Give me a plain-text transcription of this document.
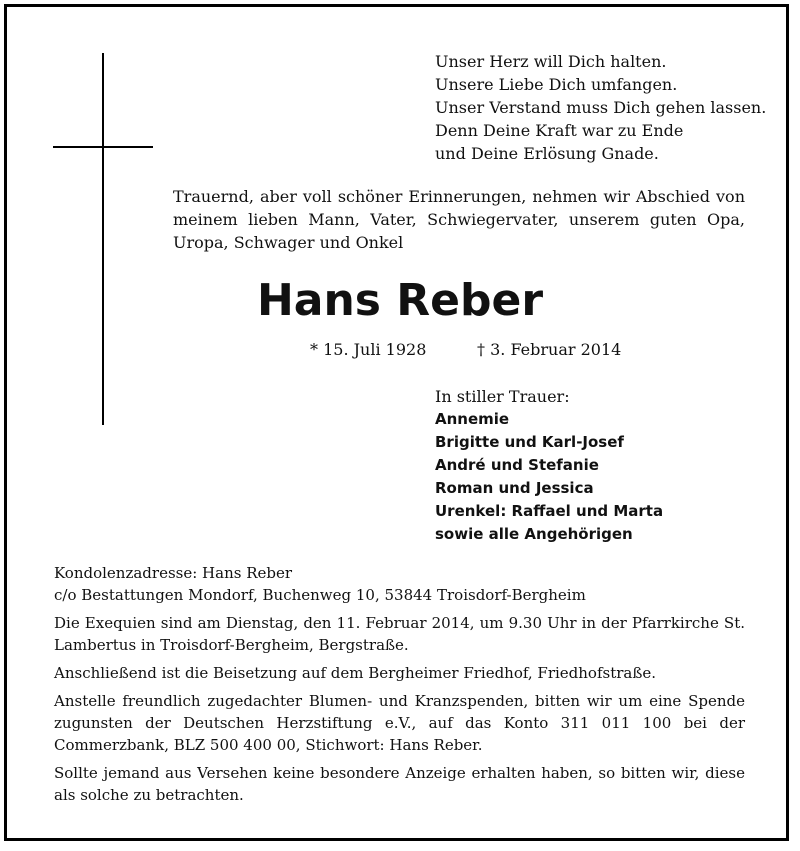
Unser Herz will Dich halten.
Unsere Liebe Dich umfangen.
Unser Verstand muss Dich gehen lassen.
Denn Deine Kraft war zu Ende
und Deine Erlösung Gnade.
Trauernd, aber voll schöner Erinnerungen, nehmen wir Abschied von meinem lieben Mann, Vater, Schwiegervater, unserem guten Opa, Uropa, Schwager und Onkel
Hans Reber
* 15. Juli 1928	† 3. Februar 2014
In stiller Trauer:
Annemie
Brigitte und Karl-Josef
André und Stefanie
Roman und Jessica
Urenkel: Raffael und Marta
sowie alle Angehörigen

Kondolenzadresse: Hans Reber
c/o Bestattungen Mondorf, Buchenweg 10, 53844 Troisdorf-Bergheim

Die Exequien sind am Dienstag, den 11. Februar 2014, um 9.30 Uhr in der Pfarrkirche St. Lambertus in Troisdorf-Bergheim, Bergstraße.

Anschließend ist die Beisetzung auf dem Bergheimer Friedhof, Friedhofstraße.

Anstelle freundlich zugedachter Blumen- und Kranzspenden, bitten wir um eine Spende zugunsten der Deutschen Herzstiftung e.V., auf das Konto 311 011 100 bei der Commerzbank, BLZ 500 400 00, Stichwort: Hans Reber.

Sollte jemand aus Versehen keine besondere Anzeige erhalten haben, so bitten wir, diese als solche zu betrachten.
